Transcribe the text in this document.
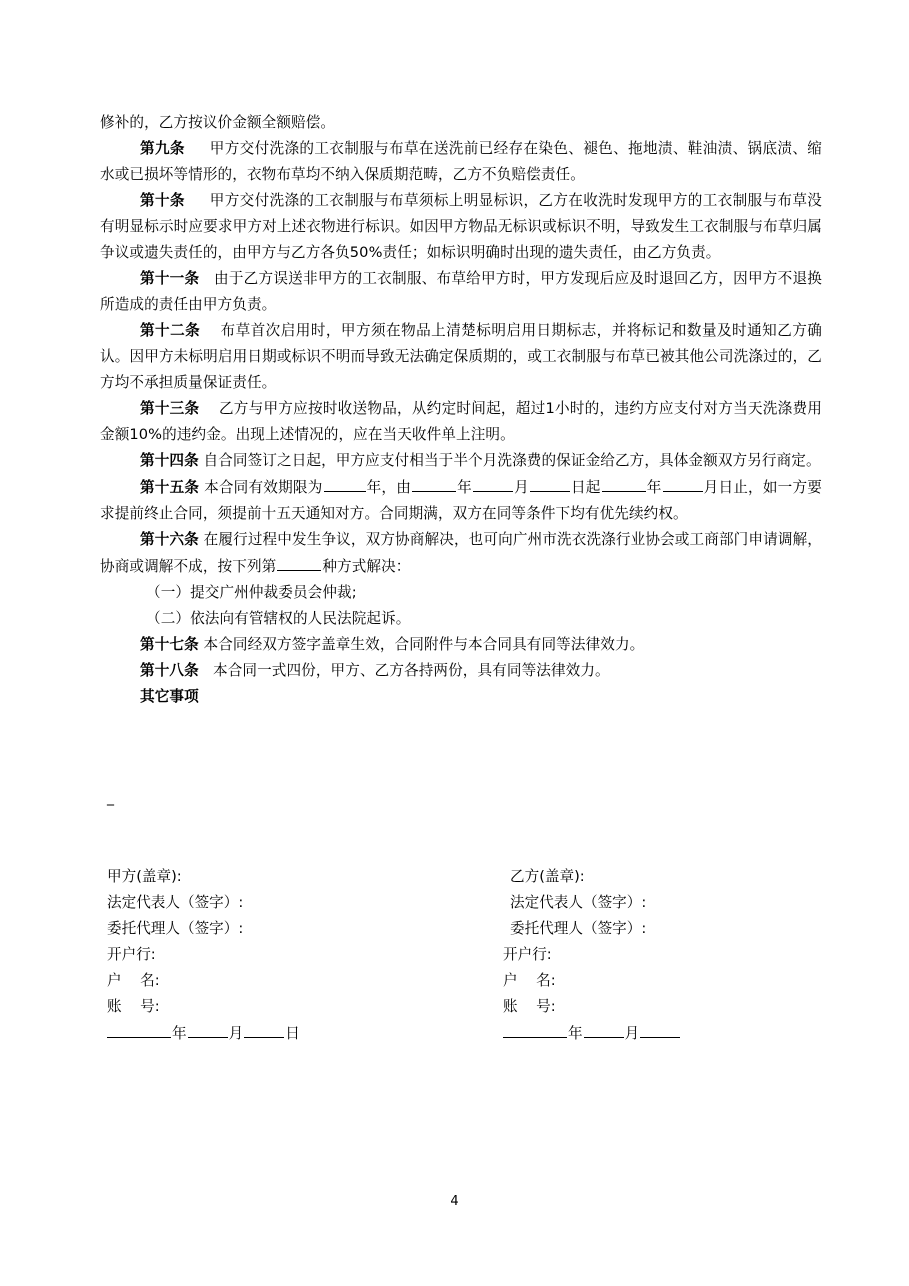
修补的，乙方按议价金额全额赔偿。

第九条 甲方交付洗涤的工衣制服与布草在送洗前已经存在染色、褪色、拖地渍、鞋油渍、锅底渍、缩水或已损坏等情形的，衣物布草均不纳入保质期范畴，乙方不负赔偿责任。

第十条 甲方交付洗涤的工衣制服与布草须标上明显标识，乙方在收洗时发现甲方的工衣制服与布草没有明显标示时应要求甲方对上述衣物进行标识。如因甲方物品无标识或标识不明，导致发生工衣制服与布草归属争议或遗失责任的，由甲方与乙方各负50%责任；如标识明确时出现的遗失责任，由乙方负责。

第十一条 由于乙方误送非甲方的工衣制服、布草给甲方时，甲方发现后应及时退回乙方，因甲方不退换所造成的责任由甲方负责。

第十二条 布草首次启用时，甲方须在物品上清楚标明启用日期标志，并将标记和数量及时通知乙方确认。因甲方未标明启用日期或标识不明而导致无法确定保质期的，或工衣制服与布草已被其他公司洗涤过的，乙方均不承担质量保证责任。

第十三条 乙方与甲方应按时收送物品，从约定时间起，超过1小时的，违约方应支付对方当天洗涤费用金额10%的违约金。出现上述情况的，应在当天收件单上注明。

第十四条 自合同签订之日起，甲方应支付相当于半个月洗涤费的保证金给乙方，具体金额双方另行商定。

第十五条 本合同有效期限为	年，由	年	月	日起	年	月日止，如一方要求提前终止合同，须提前十五天通知对方。合同期满，双方在同等条件下均有优先续约权。

第十六条 在履行过程中发生争议，双方协商解决，也可向广州市洗衣洗涤行业协会或工商部门申请调解，协商或调解不成，按下列第	种方式解决：

（一）提交广州仲裁委员会仲裁;

（二）依法向有管辖权的人民法院起诉。

第十七条 本合同经双方签字盖章生效，合同附件与本合同具有同等法律效力。

第十八条 本合同一式四份，甲方、乙方各持两份，具有同等法律效力。

其它事项

_
甲方(盖章):
法定代表人（签字）:
委托代理人（签字）:
开户行:
户    名:
账    号:
年	月	日
乙方(盖章):
法定代表人（签字）:
委托代理人（签字）:
开户行:
户    名:
账    号:
年	月
4
